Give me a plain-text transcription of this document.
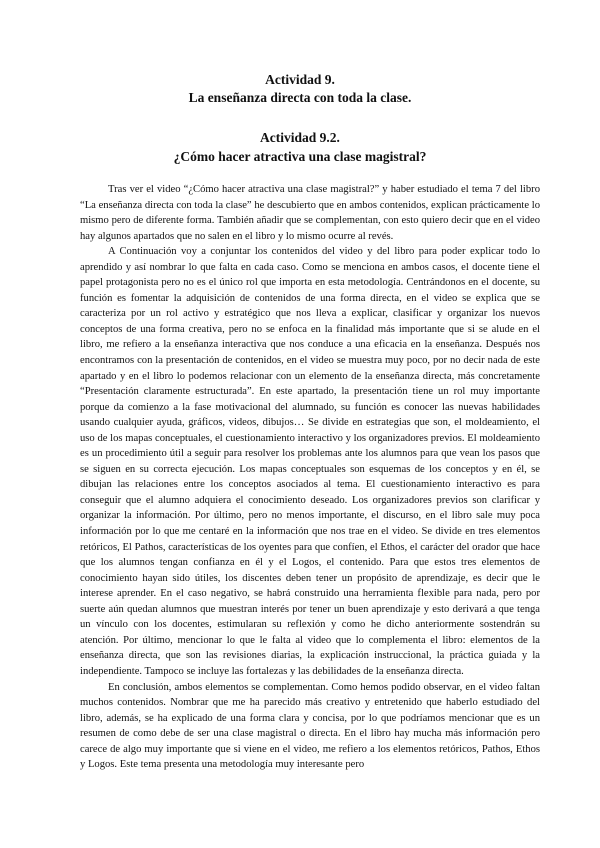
Actividad 9.
La enseñanza directa con toda la clase.
Actividad 9.2.
¿Cómo hacer atractiva una clase magistral?

Tras ver el video “¿Cómo hacer atractiva una clase magistral?” y haber estudiado el tema 7 del libro “La enseñanza directa con toda la clase” he descubierto que en ambos contenidos, explican prácticamente lo mismo pero de diferente forma. También añadir que se complementan, con esto quiero decir que en el video hay algunos apartados que no salen en el libro y lo mismo ocurre al revés.

A Continuación voy a conjuntar los contenidos del video y del libro para poder explicar todo lo aprendido y así nombrar lo que falta en cada caso. Como se menciona en ambos casos, el docente tiene el papel protagonista pero no es el único rol que importa en esta metodología. Centrándonos en el docente, su función es fomentar la adquisición de contenidos de una forma directa, en el video se explica que se caracteriza por un rol activo y estratégico que nos lleva a explicar, clasificar y organizar los nuevos conceptos de una forma creativa, pero no se enfoca en la finalidad más importante que si se alude en el libro, me refiero a la enseñanza interactiva que nos conduce a una eficacia en la enseñanza. Después nos encontramos con la presentación de contenidos, en el video se muestra muy poco, por no decir nada de este apartado y en el libro lo podemos relacionar con un elemento de la enseñanza directa, más concretamente “Presentación claramente estructurada”. En este apartado, la presentación tiene un rol muy importante porque da comienzo a la fase motivacional del alumnado, su función es conocer las nuevas habilidades usando cualquier ayuda, gráficos, videos, dibujos… Se divide en estrategias que son, el moldeamiento, el uso de los mapas conceptuales, el cuestionamiento interactivo y los organizadores previos. El moldeamiento es un procedimiento útil a seguir para resolver los problemas ante los alumnos para que vean los pasos que se siguen en su correcta ejecución. Los mapas conceptuales son esquemas de los conceptos y en él, se dibujan las relaciones entre los conceptos asociados al tema. El cuestionamiento interactivo es para conseguir que el alumno adquiera el conocimiento deseado. Los organizadores previos son clarificar y organizar la información. Por último, pero no menos importante, el discurso, en el libro sale muy poca información por lo que me centaré en la información que nos trae en el video. Se divide en tres elementos retóricos, El Pathos, características de los oyentes para que confíen, el Ethos, el carácter del orador que hace que los alumnos tengan confianza en él y el Logos, el contenido. Para que estos tres elementos de conocimiento hayan sido útiles, los discentes deben tener un propósito de aprendizaje, es decir que le interese aprender. En el caso negativo, se habrá construido una herramienta flexible para nada, pero por suerte aún quedan alumnos que muestran interés por tener un buen aprendizaje y esto derivará a que tenga un vínculo con los docentes, estimularan su reflexión y como he dicho anteriormente sostendrán su atención. Por último, mencionar lo que le falta al video que lo complementa el libro: elementos de la enseñanza directa, que son las revisiones diarias, la explicación instruccional, la práctica guiada y la independiente. Tampoco se incluye las fortalezas y las debilidades de la enseñanza directa.

En conclusión, ambos elementos se complementan. Como hemos podido observar, en el video faltan muchos contenidos. Nombrar que me ha parecido más creativo y entretenido que haberlo estudiado del libro, además, se ha explicado de una forma clara y concisa, por lo que podríamos mencionar que es un resumen de como debe de ser una clase magistral o directa. En el libro hay mucha más información pero carece de algo muy importante que si viene en el video, me refiero a los elementos retóricos, Pathos, Ethos y Logos. Este tema presenta una metodología muy interesante pero
